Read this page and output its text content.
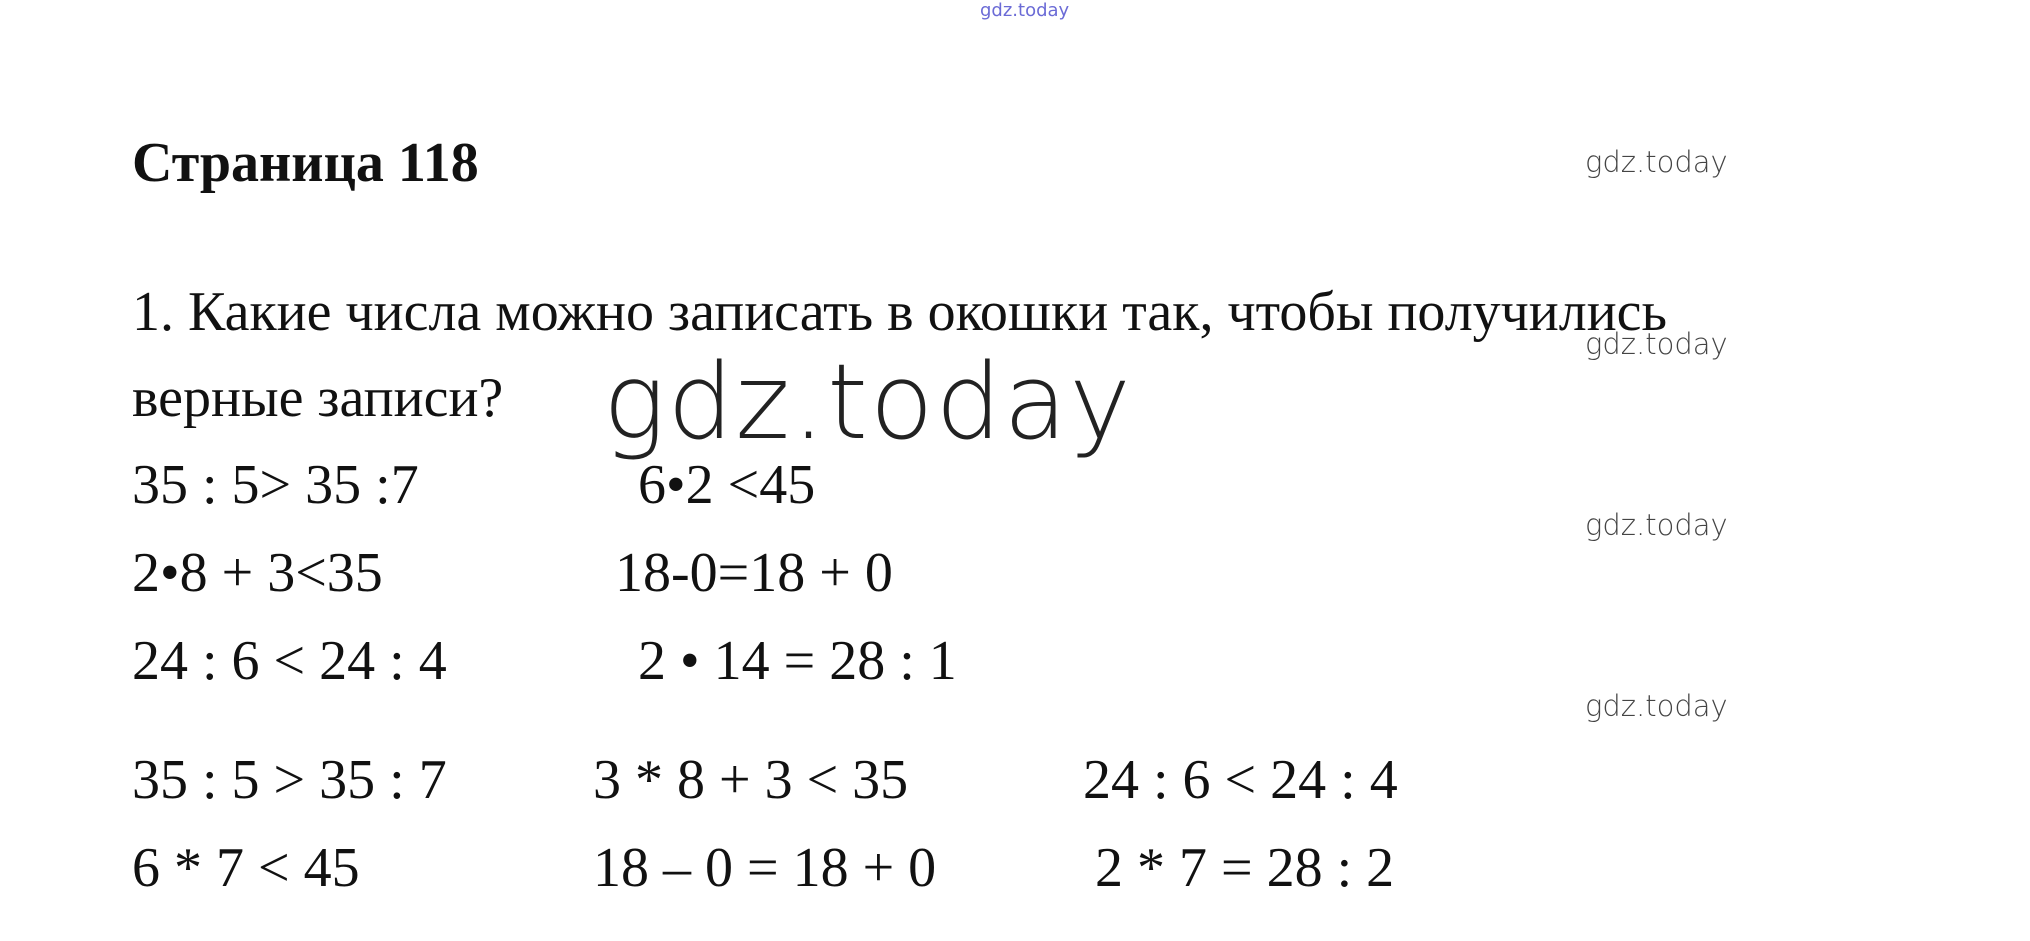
gdz.today
gdz.today
gdz.today
gdz.today
gdz.today
gdz.today
Страница 118
1. Какие числа можно записать в окошки так, чтобы получились
верные записи?
35 : 5> 35 :7	6•2 <45
2•8 + 3<35	18-0=18 + 0
24 : 6 < 24 : 4	2 • 14 = 28 : 1
35 : 5 > 35 : 7	3 * 8 + 3 < 35	24 : 6 < 24 : 4
6 * 7 < 45	18 – 0 = 18 + 0	2 * 7 = 28 : 2
